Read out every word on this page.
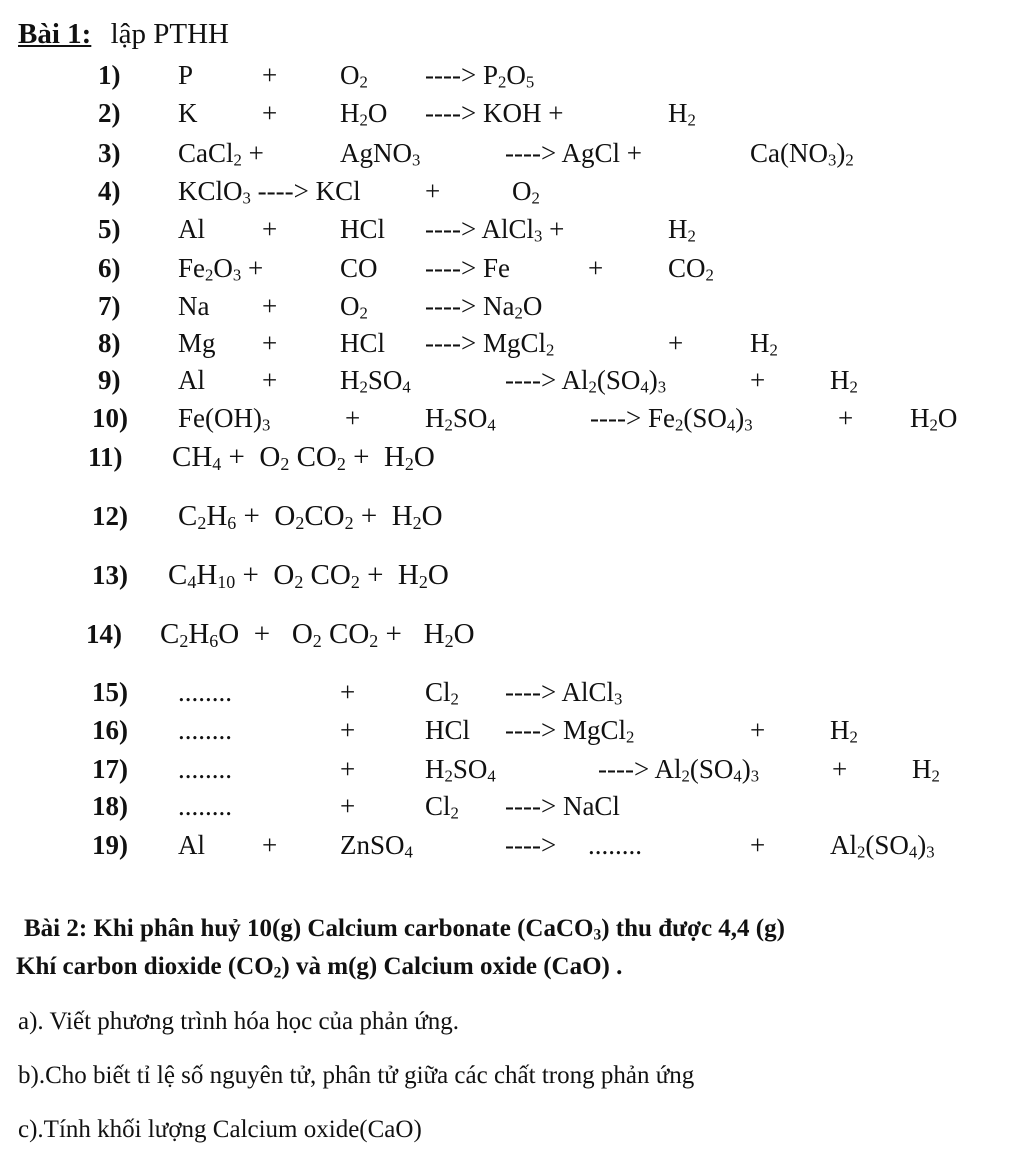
Bài 1: lập PTHH
1) P	+ $O_2$ ----> $P_2O_5$
2) $K + H_2O$ ----> KOH +	$H_2$
3) CaCl$_2$ +	AgNO$_3$	----> AgCl +	$Ca(NO_3)_2$
4) KClO$_3$ ----> KCl +	$O_2$
5) Al + HCl ----> AlCl$_3$ +	$H_2$
6) $Fe_2O_3$ +	CO ----> Fe	+ $CO_2$
7) $Na + O_2$ ----> $Na_2O$
8) Mg + HCl ----> MgCl$_2$	+ $H_2$
9) $Al + H_2SO_4$	----> $Al_2(SO_4)_3$	+ $H_2$
10) $Fe(OH)_3$	+ $H_2SO_4$	----> $Fe_2(SO_4)_3$	+ $H_2O$
11) $CH_4 + O_2$ $CO_2 + H_2O$
12) $C_2H_6 + O_2CO_2 + H_2O$
13) $C_4H_{10} + O_2$ $CO_2 + H_2O$
14) $C_2H_6O + O_2$ $CO_2 + H_2O$
15) ........	+	$Cl_2$ ----> AlCl$_3$
16) ........	+	HCl ----> MgCl$_2$	+ $H_2$
17) ........	+	$H_2SO_4$	----> $Al_2(SO_4)_3$	+ $H_2$
18) ........	+	$Cl_2$ ----> NaCl
19) Al + ZnSO$_4$	----> ........	+ $Al_2(SO_4)_3$
Bài 2: Khi phân huỷ 10(g) Calcium carbonate (CaCO$_3$) thu được 4,4 (g)
Khí carbon dioxide $(CO_2)$ và m(g) Calcium oxide (CaO) .
a). Viết phương trình hóa học của phản ứng.
b).Cho biết tỉ lệ số nguyên tử, phân tử giữa các chất trong phản ứng
c).Tính khối lượng Calcium oxide(CaO)
